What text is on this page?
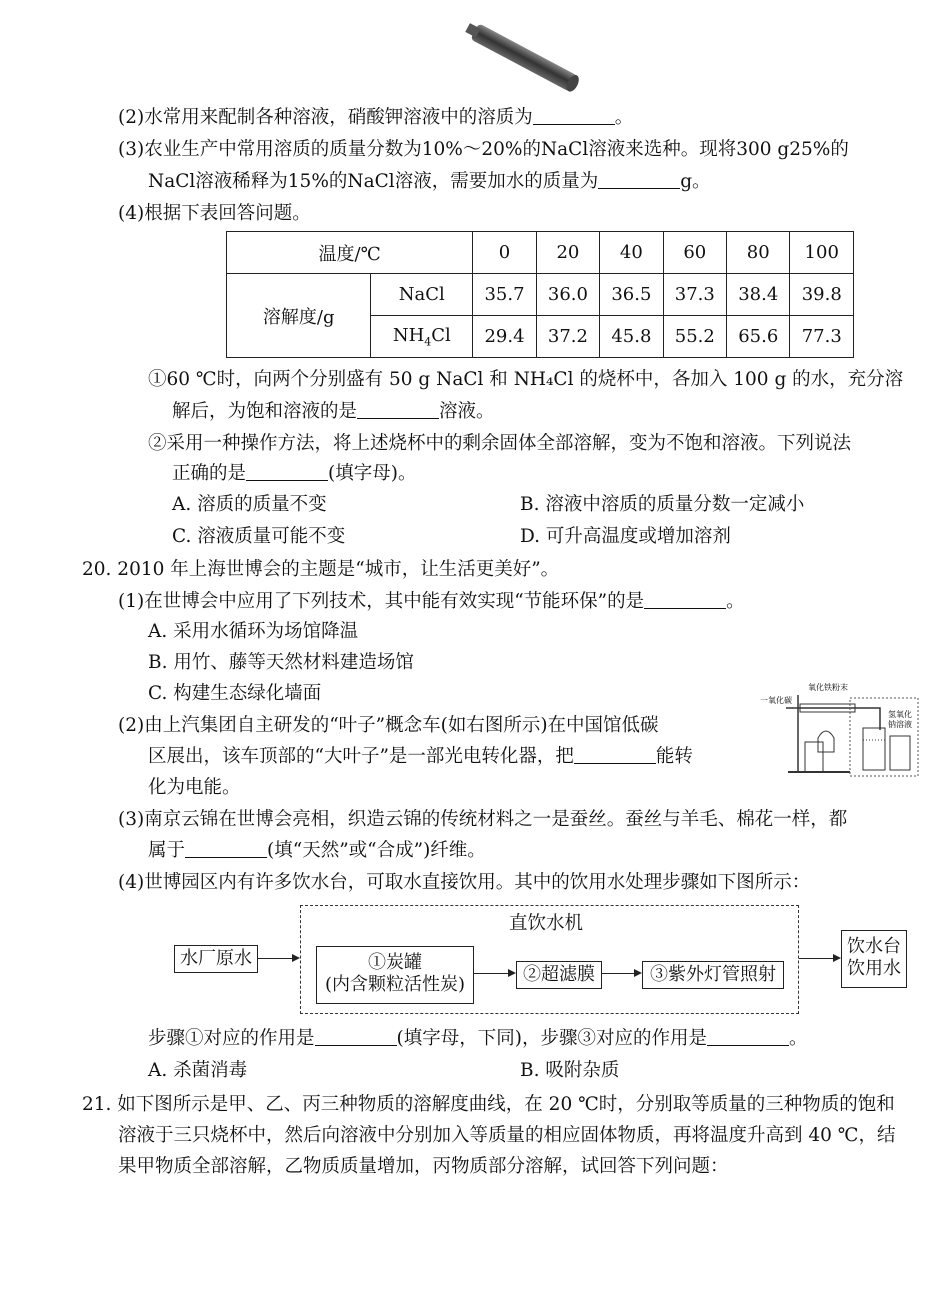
(2)水常用来配制各种溶液，硝酸钾溶液中的溶质为	。
(3)农业生产中常用溶质的质量分数为10%～20%的NaCl溶液来选种。现将300 g25%的
NaCl溶液稀释为15%的NaCl溶液，需要加水的质量为	g。
(4)根据下表回答问题。
温度/℃		0	20	40	60	80	100
溶解度/g	NaCl	35.7	36.0	36.5	37.3	38.4	39.8
	$NH_4Cl$	29.4	37.2	45.8	55.2	65.6	77.3
①60 ℃时，向两个分别盛有 50 g NaCl 和 NH₄Cl 的烧杯中，各加入 100 g 的水，充分溶
解后，为饱和溶液的是	溶液。
②采用一种操作方法，将上述烧杯中的剩余固体全部溶解，变为不饱和溶液。下列说法
正确的是	(填字母)。
A. 溶质的质量不变	B. 溶液中溶质的质量分数一定减小
C. 溶液质量可能不变	D. 可升高温度或增加溶剂
20. 2010 年上海世博会的主题是“城市，让生活更美好”。
(1)在世博会中应用了下列技术，其中能有效实现“节能环保”的是	。
A. 采用水循环为场馆降温
B. 用竹、藤等天然材料建造场馆
C. 构建生态绿化墙面
(2)由上汽集团自主研发的“叶子”概念车(如右图所示)在中国馆低碳
区展出，该车顶部的“大叶子”是一部光电转化器，把	能转
化为电能。
一氧化碳
氧化铁粉末
氢氧化
钠溶液
(3)南京云锦在世博会亮相，织造云锦的传统材料之一是蚕丝。蚕丝与羊毛、棉花一样，都
属于	(填“天然”或“合成”)纤维。
(4)世博园区内有许多饮水台，可取水直接饮用。其中的饮用水处理步骤如下图所示：
水厂原水
直饮水机
①炭罐
(内含颗粒活性炭)	②超滤膜	③紫外灯管照射
饮水台
饮用水
步骤①对应的作用是	(填字母，下同)，步骤③对应的作用是	。
A. 杀菌消毒	B. 吸附杂质
21. 如下图所示是甲、乙、丙三种物质的溶解度曲线，在 20 ℃时，分别取等质量的三种物质的饱和
溶液于三只烧杯中，然后向溶液中分别加入等质量的相应固体物质，再将温度升高到 40 ℃，结
果甲物质全部溶解，乙物质质量增加，丙物质部分溶解，试回答下列问题：
